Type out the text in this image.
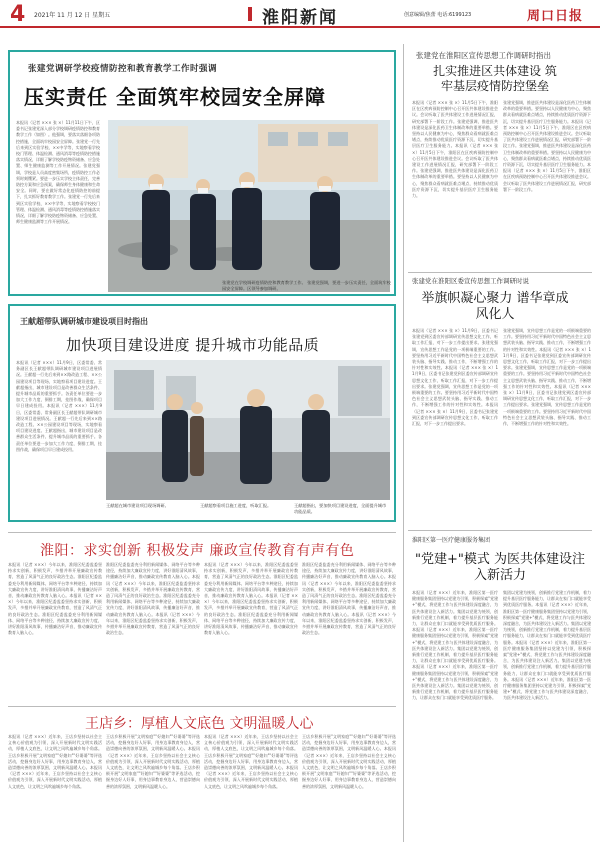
4 2021年 11 月 12 日 星期五	淮阳新闻	创意编辑/焦蕾 电话:6199123	周口日报
张建党调研学校疫情防控和教育教学工作时强调
压实责任 全面筑牢校园安全屏障
本报讯（记者 ××× 张 ×）11月11日下午，区委书记张建党深入部分学校调研疫情防控和教育教学工作（如图）。他强调，要落实落细各项防控措施，全面筑牢校园安全屏障。张建党一行先后来到区实验学校、××中学等，实地察看学校校门管理、体温检测、通风消毒等疫情防控措施落实情况，详细了解学校防疫物资储备、应急处置、师生健康监测等工作开展情况。张建党强调，学校是人员高度密集场所，疫情防控工作必须时刻绷紧。要进一步压实学校主体责任，完善防控方案和应急预案，确保师生身体健康和生命安全。同时，要在做好常态化疫情防控的前提下，扎实抓好教育教学工作。张建党一行先后来到区实验学校、××中学等，实地察看学校校门管理、体温检测、通风消毒等疫情防控措施落实情况，详细了解学校防疫物资储备、应急处置、师生健康监测等工作开展情况。
张建党在学校调研疫情防控和教育教学工作。 张建党强调，要进一步压实责任，全面筑牢校园安全屏障。区领导参加调研。
张建党在淮阳区宣传思想工作调研时指出
扎实推进区共体建设 筑牢基层疫情防控堡垒
本报讯（记者 ××× 张 ×）11月5日下午，淮阳区在区疾病预防控制中心召开医共体建设推进会议。会议听取了医共体建设工作进展情况汇报，研究部署下一阶段工作。张建党强调，推进医共体建设是深化医药卫生体制改革的重要举措。要坚持以人民健康为中心，聚焦群众看病就医难点堵点，持续推动优质医疗资源下沉，切实提升基层医疗卫生服务能力。本报讯（记者 ××× 张 ×）11月5日下午，淮阳区在区疾病预防控制中心召开医共体建设推进会议。会议听取了医共体建设工作进展情况汇报，研究部署下一阶段工作。张建党强调，推进医共体建设是深化医药卫生体制改革的重要举措。要坚持以人民健康为中心，聚焦群众看病就医难点堵点，持续推动优质医疗资源下沉，切实提升基层医疗卫生服务能力。
张建党强调，推进医共体建设是深化医药卫生体制改革的重要举措。要坚持以人民健康为中心，聚焦群众看病就医难点堵点，持续推动优质医疗资源下沉，切实提升基层医疗卫生服务能力。本报讯（记者 ××× 张 ×）11月5日下午，淮阳区在区疾病预防控制中心召开医共体建设推进会议。会议听取了医共体建设工作进展情况汇报，研究部署下一阶段工作。张建党强调，推进医共体建设是深化医药卫生体制改革的重要举措。要坚持以人民健康为中心，聚焦群众看病就医难点堵点，持续推动优质医疗资源下沉，切实提升基层医疗卫生服务能力。本报讯（记者 ××× 张 ×）11月5日下午，淮阳区在区疾病预防控制中心召开医共体建设推进会议。会议听取了医共体建设工作进展情况汇报，研究部署下一阶段工作。
王献超带队调研城市建设项目时指出
加快项目建设进度 提升城市功能品质
本报讯（记者 ×××）11月9日，区委常委、常务副区长王献超带队调研城市建设项目进展情况。王献超一行先后来到××路改造工程、××公园建设项目等现场，实地察看项目建设进度。王献超指出，城市建设项目是改善群众生活条件、提升城市品质的重要抓手。各责任单位要进一步加大工作力度，倒排工期，挂图作战，确保项目早日建成投用。本报讯（记者 ×××）11月9日，区委常委、常务副区长王献超带队调研城市建设项目进展情况。王献超一行先后来到××路改造工程、××公园建设项目等现场，实地察看项目建设进度。王献超指出，城市建设项目是改善群众生活条件、提升城市品质的重要抓手。各责任单位要进一步加大工作力度，倒排工期，挂图作战，确保项目早日建成投用。
王献超在城市建设项目现场调研。	王献超察看项目施工进度，听取汇报。	王献超指出，要加快项目建设进度，全面提升城市功能品质。
张建党在淮阳区委宣传思想工作调研时说
举旗帜凝心聚力 谱华章成风化人
本报讯（记者 ××× 张 ×）11月9日，区委书记张建党到区委宣传部调研宣传思想文化工作，听取工作汇报，对下一步工作提出要求。张建党强调，宣传思想工作是党的一项极端重要的工作。要坚持用习近平新时代中国特色社会主义思想武装头脑、指导实践、推动工作，不断增强工作的针对性和实效性。本报讯（记者 ××× 张 ×）11月9日，区委书记张建党到区委宣传部调研宣传思想文化工作，听取工作汇报，对下一步工作提出要求。张建党强调，宣传思想工作是党的一项极端重要的工作。要坚持用习近平新时代中国特色社会主义思想武装头脑、指导实践、推动工作，不断增强工作的针对性和实效性。本报讯（记者 ××× 张 ×）11月9日，区委书记张建党到区委宣传部调研宣传思想文化工作，听取工作汇报，对下一步工作提出要求。
张建党强调，宣传思想工作是党的一项极端重要的工作。要坚持用习近平新时代中国特色社会主义思想武装头脑、指导实践、推动工作，不断增强工作的针对性和实效性。本报讯（记者 ××× 张 ×）11月9日，区委书记张建党到区委宣传部调研宣传思想文化工作，听取工作汇报，对下一步工作提出要求。张建党强调，宣传思想工作是党的一项极端重要的工作。要坚持用习近平新时代中国特色社会主义思想武装头脑、指导实践、推动工作，不断增强工作的针对性和实效性。本报讯（记者 ××× 张 ×）11月9日，区委书记张建党到区委宣传部调研宣传思想文化工作，听取工作汇报，对下一步工作提出要求。张建党强调，宣传思想工作是党的一项极端重要的工作。要坚持用习近平新时代中国特色社会主义思想武装头脑、指导实践、推动工作，不断增强工作的针对性和实效性。
淮阳区第一医疗健康服务集团
"党建+"模式 为医共体建设注入新活力
本报讯（记者 ×××）近年来，淮阳区第一医疗健康服务集团坚持以党建为引领，积极探索"党建+"模式，将党建工作与医共体建设深度融合，为医共体建设注入新活力。集团以党建为统领，创新推行党建工作机制，着力提升基层医疗服务能力，让群众在家门口就能享受到优质医疗服务。本报讯（记者 ×××）近年来，淮阳区第一医疗健康服务集团坚持以党建为引领，积极探索"党建+"模式，将党建工作与医共体建设深度融合，为医共体建设注入新活力。集团以党建为统领，创新推行党建工作机制，着力提升基层医疗服务能力，让群众在家门口就能享受到优质医疗服务。本报讯（记者 ×××）近年来，淮阳区第一医疗健康服务集团坚持以党建为引领，积极探索"党建+"模式，将党建工作与医共体建设深度融合，为医共体建设注入新活力。集团以党建为统领，创新推行党建工作机制，着力提升基层医疗服务能力，让群众在家门口就能享受到优质医疗服务。
集团以党建为统领，创新推行党建工作机制，着力提升基层医疗服务能力，让群众在家门口就能享受到优质医疗服务。本报讯（记者 ×××）近年来，淮阳区第一医疗健康服务集团坚持以党建为引领，积极探索"党建+"模式，将党建工作与医共体建设深度融合，为医共体建设注入新活力。集团以党建为统领，创新推行党建工作机制，着力提升基层医疗服务能力，让群众在家门口就能享受到优质医疗服务。本报讯（记者 ×××）近年来，淮阳区第一医疗健康服务集团坚持以党建为引领，积极探索"党建+"模式，将党建工作与医共体建设深度融合，为医共体建设注入新活力。集团以党建为统领，创新推行党建工作机制，着力提升基层医疗服务能力，让群众在家门口就能享受到优质医疗服务。本报讯（记者 ×××）近年来，淮阳区第一医疗健康服务集团坚持以党建为引领，积极探索"党建+"模式，将党建工作与医共体建设深度融合，为医共体建设注入新活力。
淮阳：求实创新 积极发声 廉政宣传教育有声有色
本报讯（记者 ×××）今年以来，淮阳区纪委监委坚持求实创新，积极发声，多措并举开展廉政宣传教育，营造了风清气正的良好政治生态。淮阳区纪委监委充分利用新闻媒体、网络平台等多种途径，持续加大廉政宣传力度，讲好淮阳清风故事，传播廉洁好声音，推动廉政宣传教育入脑入心。本报讯（记者 ×××）今年以来，淮阳区纪委监委坚持求实创新，积极发声，多措并举开展廉政宣传教育，营造了风清气正的良好政治生态。淮阳区纪委监委充分利用新闻媒体、网络平台等多种途径，持续加大廉政宣传力度，讲好淮阳清风故事，传播廉洁好声音，推动廉政宣传教育入脑入心。
淮阳区纪委监委充分利用新闻媒体、网络平台等多种途径，持续加大廉政宣传力度，讲好淮阳清风故事，传播廉洁好声音，推动廉政宣传教育入脑入心。本报讯（记者 ×××）今年以来，淮阳区纪委监委坚持求实创新，积极发声，多措并举开展廉政宣传教育，营造了风清气正的良好政治生态。淮阳区纪委监委充分利用新闻媒体、网络平台等多种途径，持续加大廉政宣传力度，讲好淮阳清风故事，传播廉洁好声音，推动廉政宣传教育入脑入心。本报讯（记者 ×××）今年以来，淮阳区纪委监委坚持求实创新，积极发声，多措并举开展廉政宣传教育，营造了风清气正的良好政治生态。
本报讯（记者 ×××）今年以来，淮阳区纪委监委坚持求实创新，积极发声，多措并举开展廉政宣传教育，营造了风清气正的良好政治生态。淮阳区纪委监委充分利用新闻媒体、网络平台等多种途径，持续加大廉政宣传力度，讲好淮阳清风故事，传播廉洁好声音，推动廉政宣传教育入脑入心。本报讯（记者 ×××）今年以来，淮阳区纪委监委坚持求实创新，积极发声，多措并举开展廉政宣传教育，营造了风清气正的良好政治生态。淮阳区纪委监委充分利用新闻媒体、网络平台等多种途径，持续加大廉政宣传力度，讲好淮阳清风故事，传播廉洁好声音，推动廉政宣传教育入脑入心。
淮阳区纪委监委充分利用新闻媒体、网络平台等多种途径，持续加大廉政宣传力度，讲好淮阳清风故事，传播廉洁好声音，推动廉政宣传教育入脑入心。本报讯（记者 ×××）今年以来，淮阳区纪委监委坚持求实创新，积极发声，多措并举开展廉政宣传教育，营造了风清气正的良好政治生态。淮阳区纪委监委充分利用新闻媒体、网络平台等多种途径，持续加大廉政宣传力度，讲好淮阳清风故事，传播廉洁好声音，推动廉政宣传教育入脑入心。本报讯（记者 ×××）今年以来，淮阳区纪委监委坚持求实创新，积极发声，多措并举开展廉政宣传教育，营造了风清气正的良好政治生态。
王店乡：厚植人文底色 文明温暖人心
本报讯（记者 ×××）近年来，王店乡坚持以社会主义核心价值观为引领，深入开展新时代文明实践活动，厚植人文底色，让文明之风吹遍城乡每个角落。王店乡积极开展"文明家庭""好媳妇""好婆婆"等评选活动，挖掘身边好人好事，用身边事教育身边人，营造崇德向善的浓厚氛围，文明新风温暖人心。本报讯（记者 ×××）近年来，王店乡坚持以社会主义核心价值观为引领，深入开展新时代文明实践活动，厚植人文底色，让文明之风吹遍城乡每个角落。
王店乡积极开展"文明家庭""好媳妇""好婆婆"等评选活动，挖掘身边好人好事，用身边事教育身边人，营造崇德向善的浓厚氛围，文明新风温暖人心。本报讯（记者 ×××）近年来，王店乡坚持以社会主义核心价值观为引领，深入开展新时代文明实践活动，厚植人文底色，让文明之风吹遍城乡每个角落。王店乡积极开展"文明家庭""好媳妇""好婆婆"等评选活动，挖掘身边好人好事，用身边事教育身边人，营造崇德向善的浓厚氛围，文明新风温暖人心。
本报讯（记者 ×××）近年来，王店乡坚持以社会主义核心价值观为引领，深入开展新时代文明实践活动，厚植人文底色，让文明之风吹遍城乡每个角落。王店乡积极开展"文明家庭""好媳妇""好婆婆"等评选活动，挖掘身边好人好事，用身边事教育身边人，营造崇德向善的浓厚氛围，文明新风温暖人心。本报讯（记者 ×××）近年来，王店乡坚持以社会主义核心价值观为引领，深入开展新时代文明实践活动，厚植人文底色，让文明之风吹遍城乡每个角落。
王店乡积极开展"文明家庭""好媳妇""好婆婆"等评选活动，挖掘身边好人好事，用身边事教育身边人，营造崇德向善的浓厚氛围，文明新风温暖人心。本报讯（记者 ×××）近年来，王店乡坚持以社会主义核心价值观为引领，深入开展新时代文明实践活动，厚植人文底色，让文明之风吹遍城乡每个角落。王店乡积极开展"文明家庭""好媳妇""好婆婆"等评选活动，挖掘身边好人好事，用身边事教育身边人，营造崇德向善的浓厚氛围，文明新风温暖人心。
